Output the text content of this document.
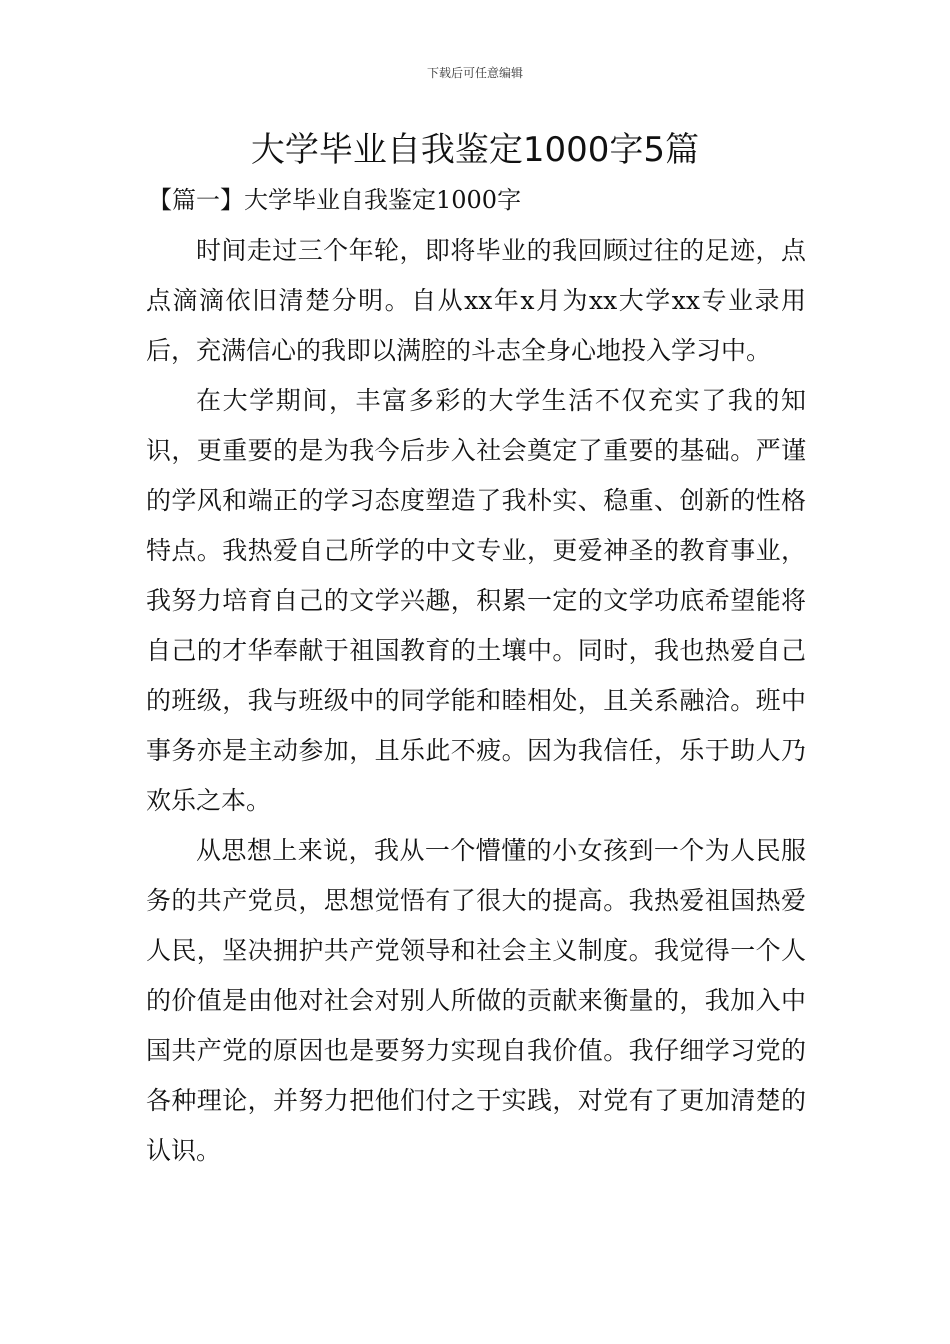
下载后可任意编辑
大学毕业自我鉴定1000字5篇
【篇一】大学毕业自我鉴定1000字

时间走过三个年轮，即将毕业的我回顾过往的足迹，点点滴滴依旧清楚分明。自从xx年x月为xx大学xx专业录用后，充满信心的我即以满腔的斗志全身心地投入学习中。

在大学期间，丰富多彩的大学生活不仅充实了我的知识，更重要的是为我今后步入社会奠定了重要的基础。严谨的学风和端正的学习态度塑造了我朴实、稳重、创新的性格特点。我热爱自己所学的中文专业，更爱神圣的教育事业，我努力培育自己的文学兴趣，积累一定的文学功底希望能将自己的才华奉献于祖国教育的土壤中。同时，我也热爱自己的班级，我与班级中的同学能和睦相处，且关系融洽。班中事务亦是主动参加，且乐此不疲。因为我信任，乐于助人乃欢乐之本。

从思想上来说，我从一个懵懂的小女孩到一个为人民服务的共产党员，思想觉悟有了很大的提高。我热爱祖国热爱人民，坚决拥护共产党领导和社会主义制度。我觉得一个人的价值是由他对社会对别人所做的贡献来衡量的，我加入中国共产党的原因也是要努力实现自我价值。我仔细学习党的各种理论，并努力把他们付之于实践，对党有了更加清楚的认识。
